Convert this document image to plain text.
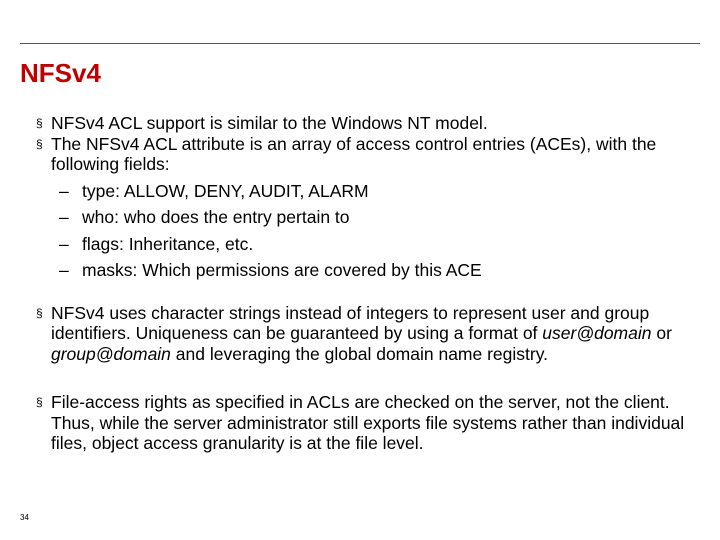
NFSv4
§ NFSv4 ACL support is similar to the Windows NT model.
§ The NFSv4 ACL attribute is an array of access control entries (ACEs), with the following fields:
– type: ALLOW, DENY, AUDIT, ALARM
– who: who does the entry pertain to
– flags: Inheritance, etc.
– masks: Which permissions are covered by this ACE
§ NFSv4 uses character strings instead of integers to represent user and group identifiers. Uniqueness can be guaranteed by using a format of user@domain or group@domain and leveraging the global domain name registry.
§ File-access rights as specified in ACLs are checked on the server, not the client. Thus, while the server administrator still exports file systems rather than individual files, object access granularity is at the file level.
34
